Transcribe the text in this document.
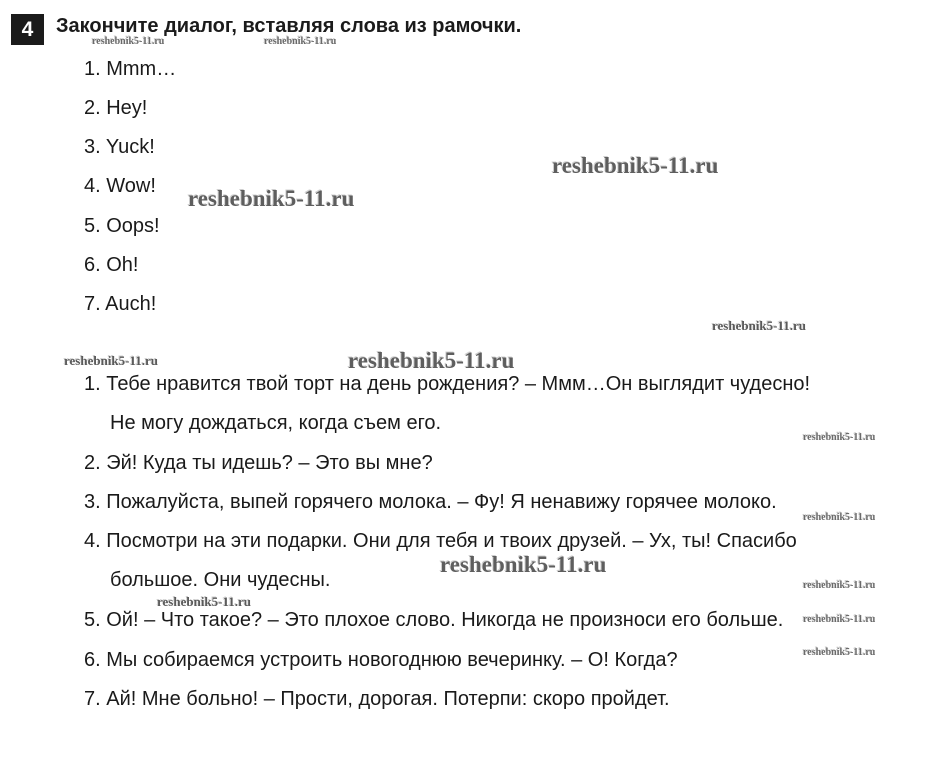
4	Закончите диалог, вставляя слова из рамочки.
1. Mmm…
2. Hey!
3. Yuck!
4. Wow!
5. Oops!
6. Oh!
7. Auch!
1. Тебе нравится твой торт на день рождения? – Ммм…Он выглядит чудесно!
Не могу дождаться, когда съем его.
2. Эй! Куда ты идешь? – Это вы мне?
3. Пожалуйста, выпей горячего молока. – Фу! Я ненавижу горячее молоко.
4. Посмотри на эти подарки. Они для тебя и твоих друзей. – Ух, ты! Спасибо
большое. Они чудесны.
5. Ой! – Что такое? – Это плохое слово. Никогда не произноси его больше.
6. Мы собираемся устроить новогоднюю вечеринку. – О! Когда?
7. Ай! Мне больно! – Прости, дорогая. Потерпи: скоро пройдет.
reshebnik5-11.ru	reshebnik5-11.ru
reshebnik5-11.ru
reshebnik5-11.ru
reshebnik5-11.ru
reshebnik5-11.ru	reshebnik5-11.ru
reshebnik5-11.ru
reshebnik5-11.ru
reshebnik5-11.ru
reshebnik5-11.ru
reshebnik5-11.ru
reshebnik5-11.ru
reshebnik5-11.ru
